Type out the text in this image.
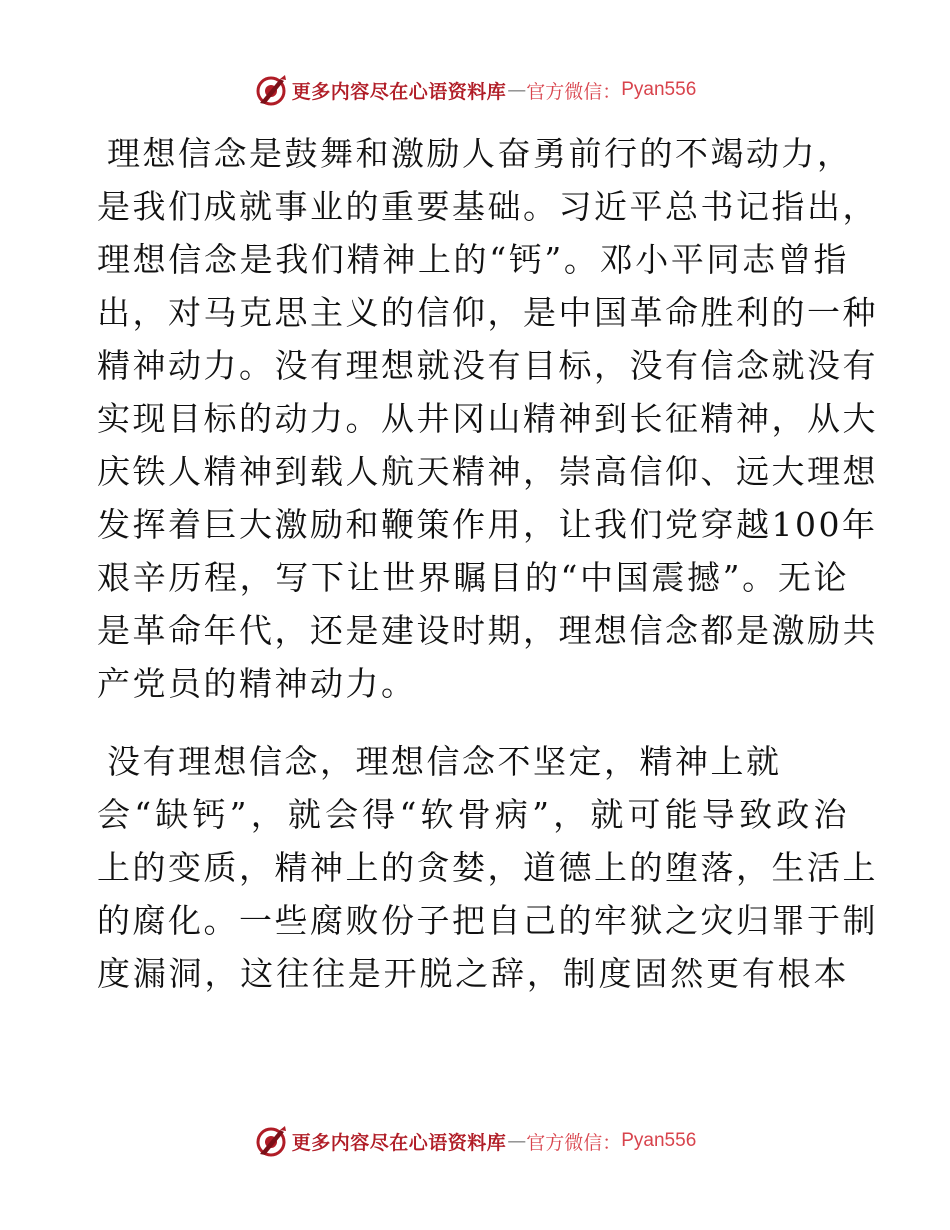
更多内容尽在心语资料库 — 官方微信： Pyan556
理想信念是鼓舞和激励人奋勇前行的不竭动力，
是我们成就事业的重要基础。习近平总书记指出，
理想信念是我们精神上的“钙”。邓小平同志曾指
出，对马克思主义的信仰，是中国革命胜利的一种
精神动力。没有理想就没有目标，没有信念就没有
实现目标的动力。从井冈山精神到长征精神，从大
庆铁人精神到载人航天精神，崇高信仰、远大理想
发挥着巨大激励和鞭策作用，让我们党穿越100年
艰辛历程，写下让世界瞩目的“中国震撼”。无论
是革命年代，还是建设时期，理想信念都是激励共
产党员的精神动力。
没有理想信念，理想信念不坚定，精神上就
会“缺钙”，就会得“软骨病”，就可能导致政治
上的变质，精神上的贪婪，道德上的堕落，生活上
的腐化。一些腐败份子把自己的牢狱之灾归罪于制
度漏洞，这往往是开脱之辞，制度固然更有根本
更多内容尽在心语资料库 — 官方微信： Pyan556
